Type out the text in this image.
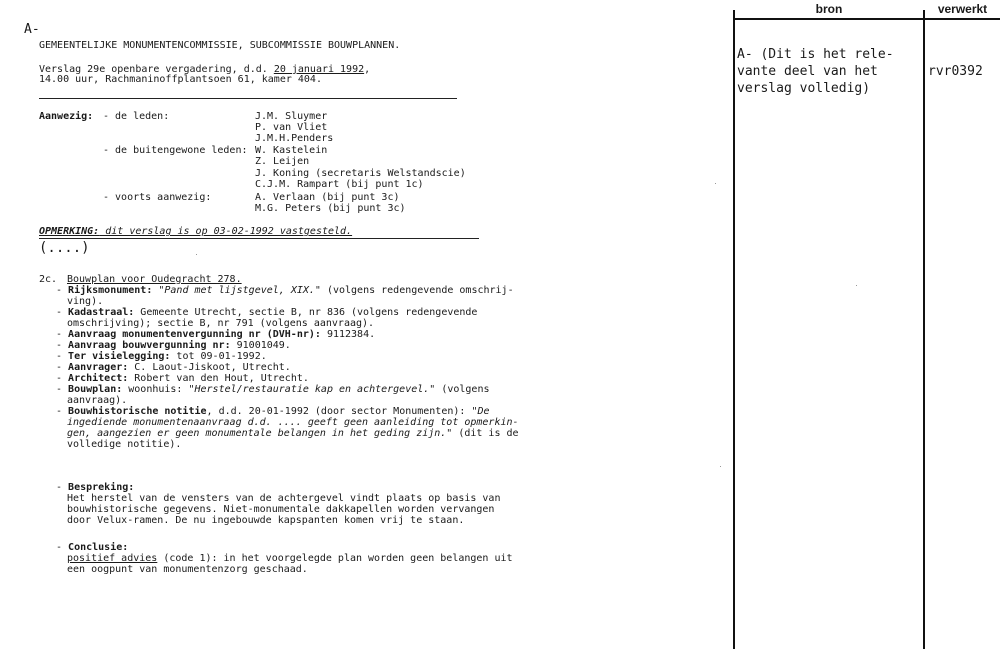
A-
GEMEENTELIJKE MONUMENTENCOMMISSIE, SUBCOMMISSIE BOUWPLANNEN.
Verslag 29e openbare vergadering, d.d. 20 januari 1992,
14.00 uur, Rachmaninoffplantsoen 61, kamer 404.
Aanwezig: - de leden:
- de buitengewone leden:
- voorts aanwezig:
J.M. Sluymer
P. van Vliet
J.M.H.Penders
W. Kastelein
Z. Leijen
J. Koning (secretaris Welstandscie)
C.J.M. Rampart (bij punt 1c)
A. Verlaan (bij punt 3c)
M.G. Peters (bij punt 3c)
OPMERKING: dit verslag is op 03-02-1992 vastgesteld.
(....)
2c. Bouwplan voor Oudegracht 278.
- Rijksmonument: "Pand met lijstgevel, XIX." (volgens redengevende omschrij-
ving).
- Kadastraal: Gemeente Utrecht, sectie B, nr 836 (volgens redengevende
omschrijving); sectie B, nr 791 (volgens aanvraag).
- Aanvraag monumentenvergunning nr (DVH-nr): 9112384.
- Aanvraag bouwvergunning nr: 91001049.
- Ter visielegging: tot 09-01-1992.
- Aanvrager: C. Laout-Jiskoot, Utrecht.
- Architect: Robert van den Hout, Utrecht.
- Bouwplan: woonhuis: "Herstel/restauratie kap en achtergevel." (volgens
aanvraag).
- Bouwhistorische notitie, d.d. 20-01-1992 (door sector Monumenten): "De
ingediende monumentenaanvraag d.d. .... geeft geen aanleiding tot opmerkin-
gen, aangezien er geen monumentale belangen in het geding zijn." (dit is de
volledige notitie).
- Bespreking:
Het herstel van de vensters van de achtergevel vindt plaats op basis van
bouwhistorische gegevens. Niet-monumentale dakkapellen worden vervangen
door Velux-ramen. De nu ingebouwde kapspanten komen vrij te staan.
- Conclusie:
positief advies (code 1): in het voorgelegde plan worden geen belangen uit
een oogpunt van monumentenzorg geschaad.
bron	verwerkt

A- (Dit is het rele-
vante deel van het
verslag volledig)
rvr0392
